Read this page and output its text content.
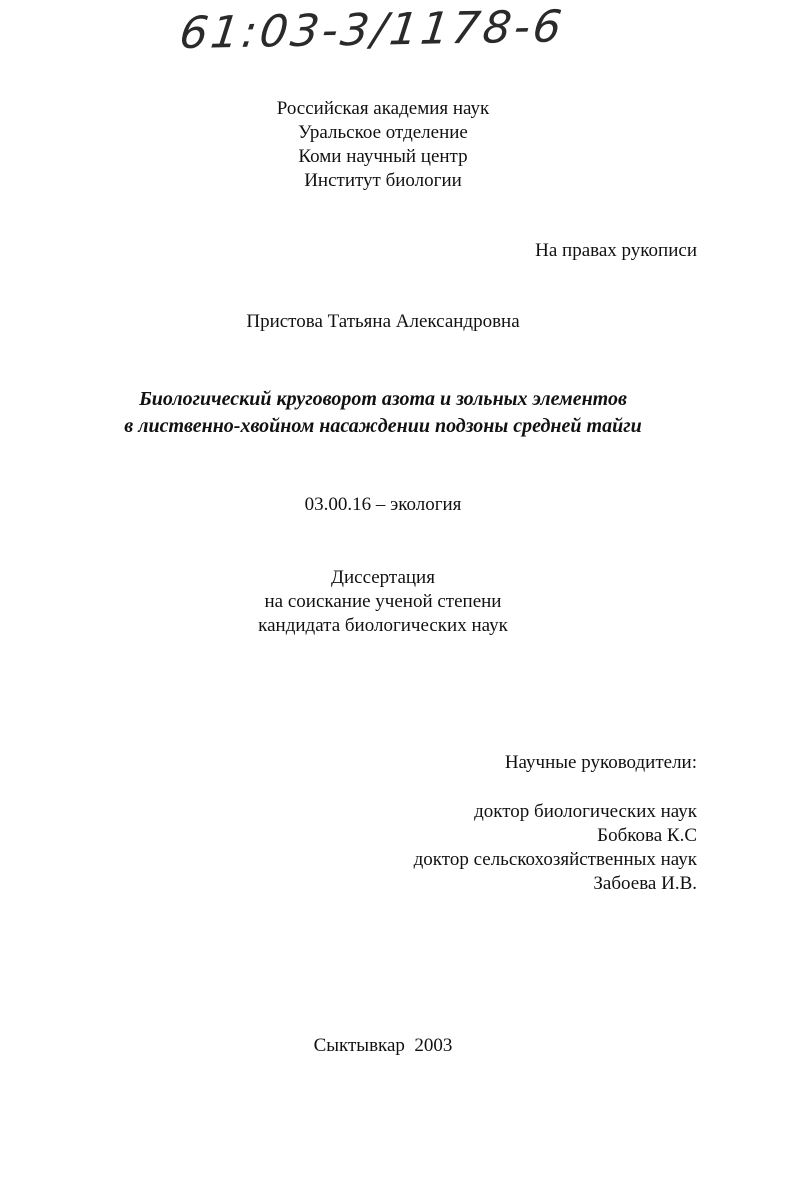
61:03-3/1178-6
Российская академия наук
Уральское отделение
Коми научный центр
Институт биологии
На правах рукописи
Пристова Татьяна Александровна
Биологический круговорот азота и зольных элементов
в лиственно-хвойном насаждении подзоны средней тайги
03.00.16 – экология
Диссертация
на соискание ученой степени
кандидата биологических наук
Научные руководители:
доктор биологических наук
Бобкова К.С
доктор сельскохозяйственных наук
Забоева И.В.
Сыктывкар  2003
